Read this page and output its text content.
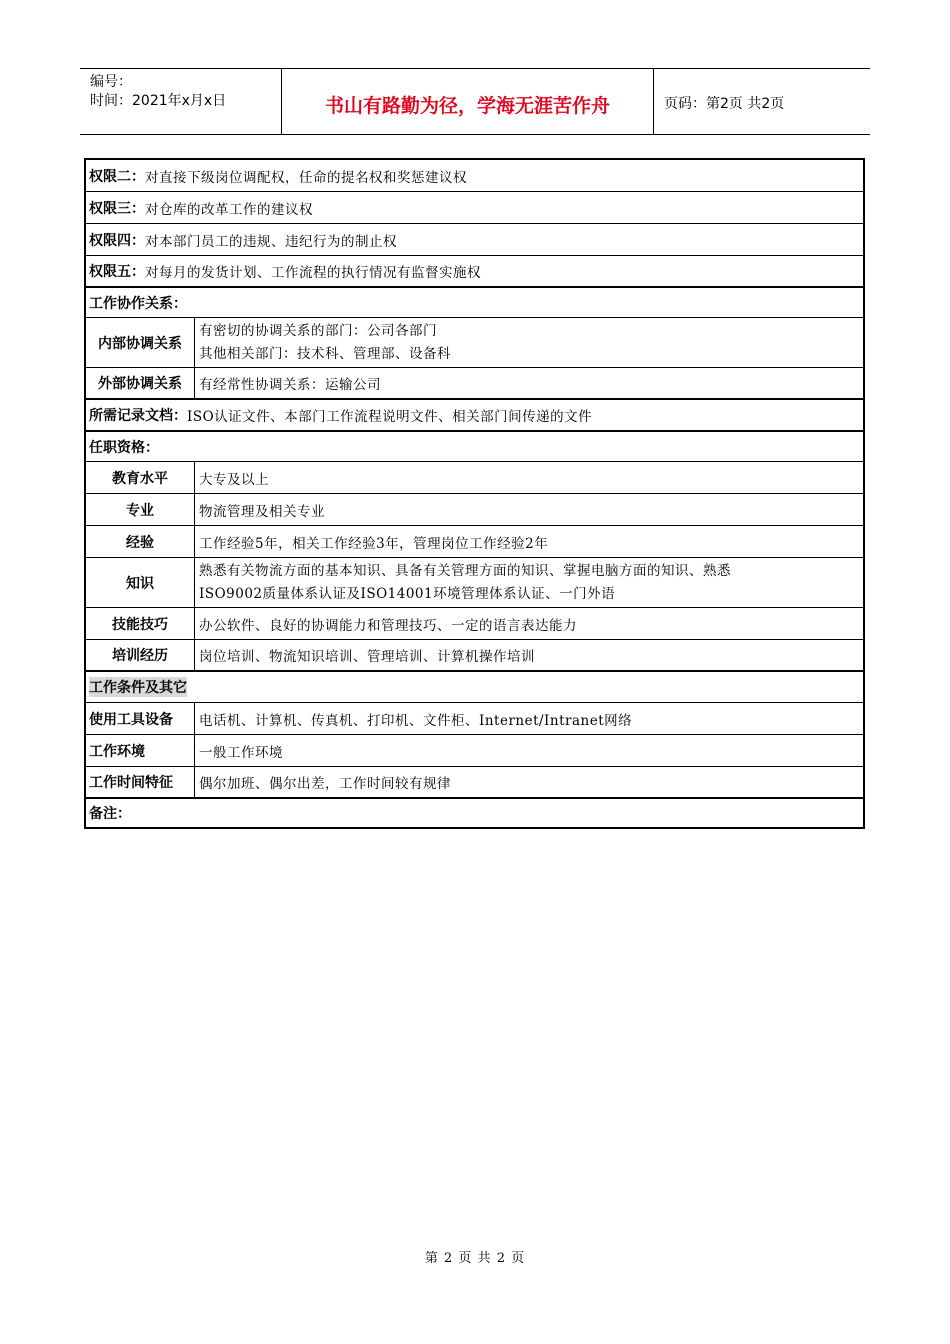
编号：
时间：2021年x月x日	书山有路勤为径，学海无涯苦作舟	页码：第2页 共2页
权限二： 对直接下级岗位调配权，任命的提名权和奖惩建议权
权限三： 对仓库的改革工作的建议权
权限四： 对本部门员工的违规、违纪行为的制止权
权限五： 对每月的发货计划、工作流程的执行情况有监督实施权
工作协作关系：
内部协调关系
有密切的协调关系的部门：公司各部门
其他相关部门：技术科、管理部、设备科
外部协调关系 有经常性协调关系：运输公司
所需记录文档： ISO认证文件、本部门工作流程说明文件、相关部门间传递的文件
任职资格：
教育水平 大专及以上
专业	物流管理及相关专业
经验	工作经验5年，相关工作经验3年，管理岗位工作经验2年
知识
熟悉有关物流方面的基本知识、具备有关管理方面的知识、掌握电脑方面的知识、熟悉
ISO9002质量体系认证及ISO14001环境管理体系认证、一门外语
技能技巧 办公软件、良好的协调能力和管理技巧、一定的语言表达能力
培训经历 岗位培训、物流知识培训、管理培训、计算机操作培训
工作条件及其它
使用工具设备 电话机、计算机、传真机、打印机、文件柜、Internet/Intranet网络
工作环境	一般工作环境
工作时间特征 偶尔加班、偶尔出差，工作时间较有规律
备注：
第 2 页 共 2 页
